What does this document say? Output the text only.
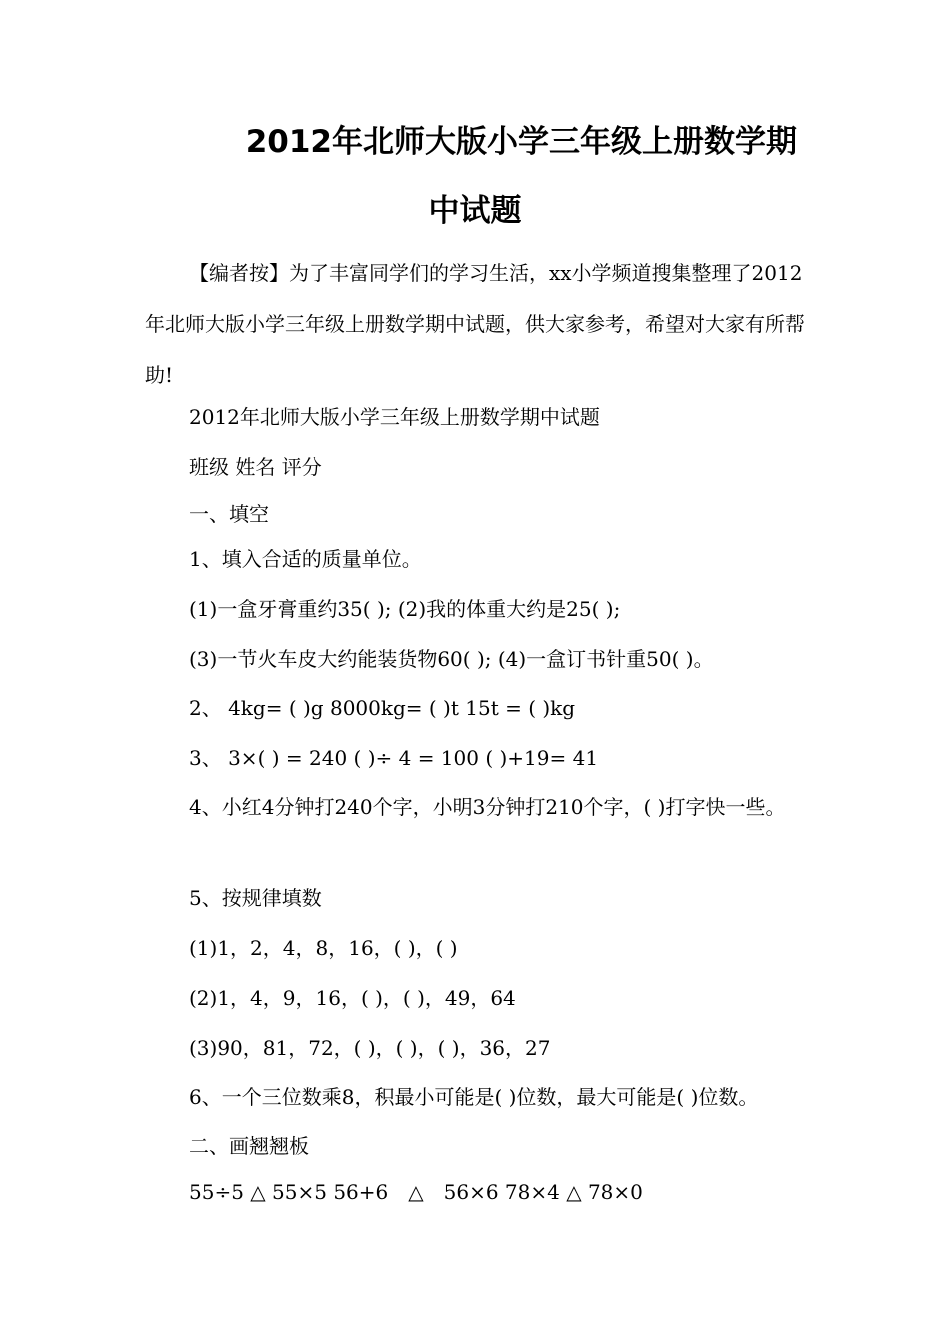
2012年北师大版小学三年级上册数学期
中试题

【编者按】为了丰富同学们的学习生活，xx小学频道搜集整理了2012年北师大版小学三年级上册数学期中试题，供大家参考，希望对大家有所帮助!

2012年北师大版小学三年级上册数学期中试题

班级 姓名 评分

一、填空

1、填入合适的质量单位。

(1)一盒牙膏重约35( ); (2)我的体重大约是25( );

(3)一节火车皮大约能装货物60( ); (4)一盒订书针重50( )。

2、 4kg= ( )g 8000kg= ( )t 15t = ( )kg

3、 3×( ) = 240 ( )÷ 4 = 100 ( )+19= 41

4、小红4分钟打240个字，小明3分钟打210个字，( )打字快一些。

5、按规律填数

(1)1，2，4，8，16，( )，( )

(2)1，4，9，16，( )，( )，49，64

(3)90，81，72，( )，( )，( )，36，27

6、一个三位数乘8，积最小可能是( )位数，最大可能是( )位数。

二、画翘翘板

55÷5 △ 55×5 56+6　△　56×6 78×4 △ 78×0
